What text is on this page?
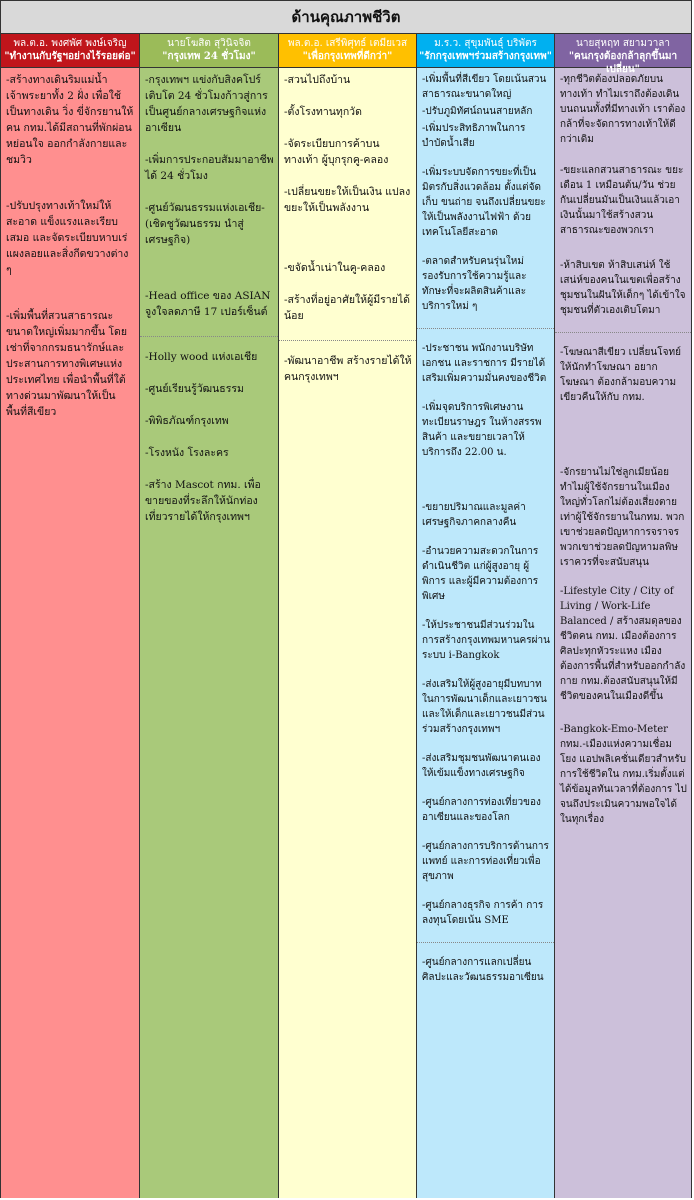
ด้านคุณภาพชีวิต
พล.ต.อ. พงศพัศ พงษ์เจริญ
"ทำงานกับรัฐฯอย่างไร้รอยต่อ"
-สร้างทางเดินริมแม่น้ำเจ้าพระยาทั้ง 2 ฝั่ง เพื่อใช้เป็นทางเดิน วิ่ง ขี่จักรยานให้คน กทม.ได้มีสถานที่พักผ่อนหย่อนใจ ออกกำลังกายและชมวิว
-ปรับปรุงทางเท้าใหม่ให้สะอาด แข็งแรงและเรียบเสมอ และจัดระเบียบหาบเร่แผงลอยและสิ่งกีดขวางต่าง ๆ
-เพิ่มพื้นที่สวนสาธารณะขนาดใหญ่เพิ่มมากขึ้น โดยเช่าที่จากกรมธนารักษ์และประสานการทางพิเศษแห่งประเทศไทย เพื่อนำพื้นที่ใต้ทางด่วนมาพัฒนาให้เป็นพื้นที่สีเขียว
นายโฆสิต สุวินิจจิต
"กรุงเทพ 24 ชั่วโมง"
-กรุงเทพฯ แข่งกับสิงคโปร์เติบโต 24 ชั่วโมงก้าวสู่การเป็นศูนย์กลางเศรษฐกิจแห่งอาเซียน
-เพิ่มการประกอบสัมมาอาชีพได้ 24 ชั่วโมง
-ศูนย์วัฒนธรรมแห่งเอเชีย-(เชิดชูวัฒนธรรม นำสู่ เศรษฐกิจ)
-Head office ของ ASIAN จูงใจลดภาษี 17 เปอร์เซ็นต์
-Holly wood แห่งเอเชีย
-ศูนย์เรียนรู้วัฒนธรรม
-พิพิธภัณฑ์กรุงเทพ
-โรงหนัง โรงละคร
-สร้าง Mascot กทม. เพื่อขายของที่ระลึกให้นักท่องเที่ยวรายได้ให้กรุงเทพฯ
พล.ต.อ. เสรีพิศุทธ์ เตมียเวส
"เพื่อกรุงเทพที่ดีกว่า"
-สวนไปถึงบ้าน
-ตั้งโรงทานทุกวัด
-จัดระเบียบการค้าบนทางเท้า ผู้บุกรุกคู-คลอง
-เปลี่ยนขยะให้เป็นเงิน แปลงขยะให้เป็นพลังงาน
-ขจัดน้ำเน่าในคู-คลอง
-สร้างที่อยู่อาศัยให้ผู้มีรายได้น้อย
-พัฒนาอาชีพ สร้างรายได้ให้คนกรุงเทพฯ
ม.ร.ว. สุขุมพันธุ์ บริพัตร
"รักกรุงเทพฯร่วมสร้างกรุงเทพ"
-เพิ่มพื้นที่สีเขียว โดยเน้นสวนสาธารณะขนาดใหญ่
-ปรับภูมิทัศน์ถนนสายหลัก
-เพิ่มประสิทธิภาพในการบำบัดน้ำเสีย
-เพิ่มระบบจัดการขยะที่เป็นมิตรกับสิ่งแวดล้อม ตั้งแต่จัดเก็บ ขนถ่าย จนถึงเปลี่ยนขยะ ให้เป็นพลังงานไฟฟ้า ด้วยเทคโนโลยีสะอาด
-ตลาดสำหรับคนรุ่นใหม่ รองรับการใช้ความรู้และทักษะที่จะผลิตสินค้าและบริการใหม่ ๆ
-ประชาชน พนักงานบริษัทเอกชน และราชการ มีรายได้เสริมเพิ่มความมั่นคงของชีวิต
-เพิ่มจุดบริการพิเศษงานทะเบียนราษฎร ในห้างสรรพสินค้า และขยายเวลาให้บริการถึง 22.00 น.
-ขยายปริมาณและมูลค่าเศรษฐกิจภาคกลางคืน
-อำนวยความสะดวกในการดำเนินชีวิต แก่ผู้สูงอายุ ผู้พิการ และผู้มีความต้องการพิเศษ
-ให้ประชาชนมีส่วนร่วมในการสร้างกรุงเทพมหานครผ่านระบบ i-Bangkok
-ส่งเสริมให้ผู้สูงอายุมีบทบาทในการพัฒนาเด็กและเยาวชน และให้เด็กและเยาวชนมีส่วนร่วมสร้างกรุงเทพฯ
-ส่งเสริมชุมชนพัฒนาตนเองให้เข้มแข็งทางเศรษฐกิจ
-ศูนย์กลางการท่องเที่ยวของอาเซียนและของโลก
-ศูนย์กลางการบริการด้านการแพทย์ และการท่องเที่ยวเพื่อสุขภาพ
-ศูนย์กลางธุรกิจ การค้า การลงทุนโดยเน้น SME
-ศูนย์กลางการแลกเปลี่ยนศิลปะและวัฒนธรรมอาเซียน
นายสุหฤท สยามวาลา
"คนกรุงต้องกล้าลุกขึ้นมาเปลี่ยน"
-ทุกชีวิตต้องปลอดภัยบนทางเท้า ทำไมเราถึงต้องเดินบนถนนทั้งที่มีทางเท้า เราต้องกล้าที่จะจัดการทางเท้าให้ดีกว่าเดิม
-ขยะแลกสวนสาธารณะ ขยะเดือน 1 เหมือนต้น/วัน ช่วยกันเปลี่ยนมันเป็นเงินแล้วเอาเงินนั้นมาใช้สร้างสวนสาธารณะของพวกเรา
-ห้าสิบเขต ห้าสิบเสน่ห์ ใช้เสน่ห์ของคนในเขตเพื่อสร้างชุมชนในฝันให้เด็กๆ ได้เข้าใจชุมชนที่ตัวเองเติบโตมา
-โฆษณาสีเขียว เปลี่ยนโจทย์ให้นักทำโฆษณา อยากโฆษณา ต้องกล้ามอบความเขียวคืนให้กับ กทม.
-จักรยานไม่ใช่ลูกเมียน้อย ทำไมผู้ใช้จักรยานในเมืองใหญ่ทั่วโลกไม่ต้องเสี่ยงตายเท่าผู้ใช้จักรยานในกทม. พวกเขาช่วยลดปัญหาการจราจร พวกเขาช่วยลดปัญหามลพิษ เราควรที่จะสนับสนุน
-Lifestyle City / City of Living / Work-Life Balanced / สร้างสมดุลของชีวิตคน กทม. เมืองต้องการศิลปะทุกหัวระแหง เมืองต้องการพื้นที่สำหรับออกกำลังกาย กทม.ต้องสนับสนุนให้มีชีวิตของคนในเมืองดีขึ้น
-Bangkok-Emo-Meter กทม.-เมืองแห่งความเชื่อมโยง แอปพลิเคชั่นเดียวสำหรับการใช้ชีวิตใน กทม.เริ่มตั้งแต่ได้ข้อมูลทันเวลาที่ต้องการ ไปจนถึงประเมินความพอใจได้ในทุกเรื่อง
